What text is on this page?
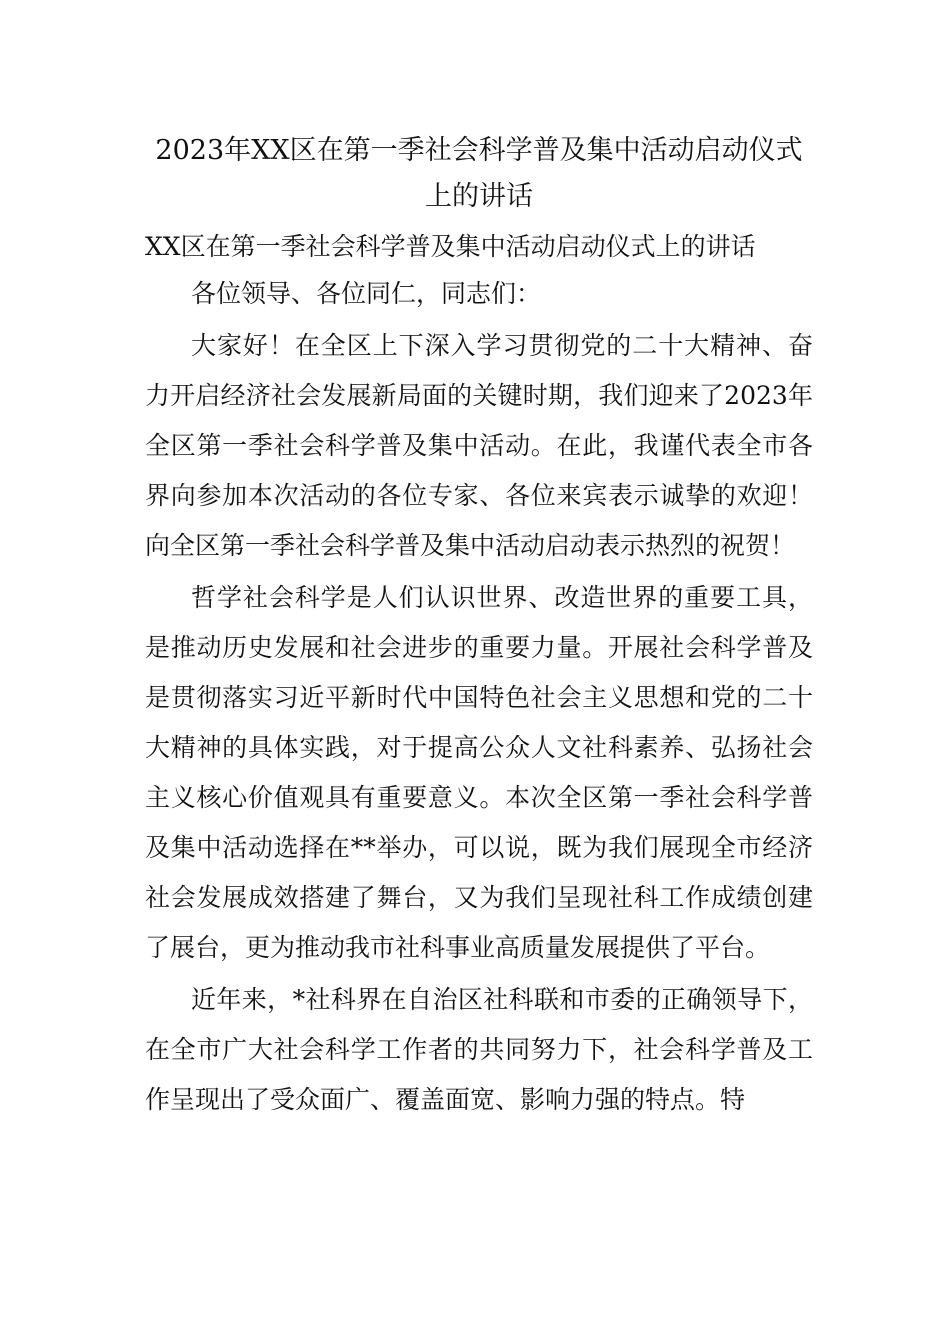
2023年XX区在第一季社会科学普及集中活动启动仪式上的讲话

XX区在第一季社会科学普及集中活动启动仪式上的讲话

各位领导、各位同仁，同志们：

大家好！在全区上下深入学习贯彻党的二十大精神、奋力开启经济社会发展新局面的关键时期，我们迎来了2023年全区第一季社会科学普及集中活动。在此，我谨代表全市各界向参加本次活动的各位专家、各位来宾表示诚挚的欢迎！向全区第一季社会科学普及集中活动启动表示热烈的祝贺！

哲学社会科学是人们认识世界、改造世界的重要工具，是推动历史发展和社会进步的重要力量。开展社会科学普及是贯彻落实习近平新时代中国特色社会主义思想和党的二十大精神的具体实践，对于提高公众人文社科素养、弘扬社会主义核心价值观具有重要意义。本次全区第一季社会科学普及集中活动选择在**举办，可以说，既为我们展现全市经济社会发展成效搭建了舞台，又为我们呈现社科工作成绩创建了展台，更为推动我市社科事业高质量发展提供了平台。

近年来，*社科界在自治区社科联和市委的正确领导下，在全市广大社会科学工作者的共同努力下，社会科学普及工作呈现出了受众面广、覆盖面宽、影响力强的特点。特
